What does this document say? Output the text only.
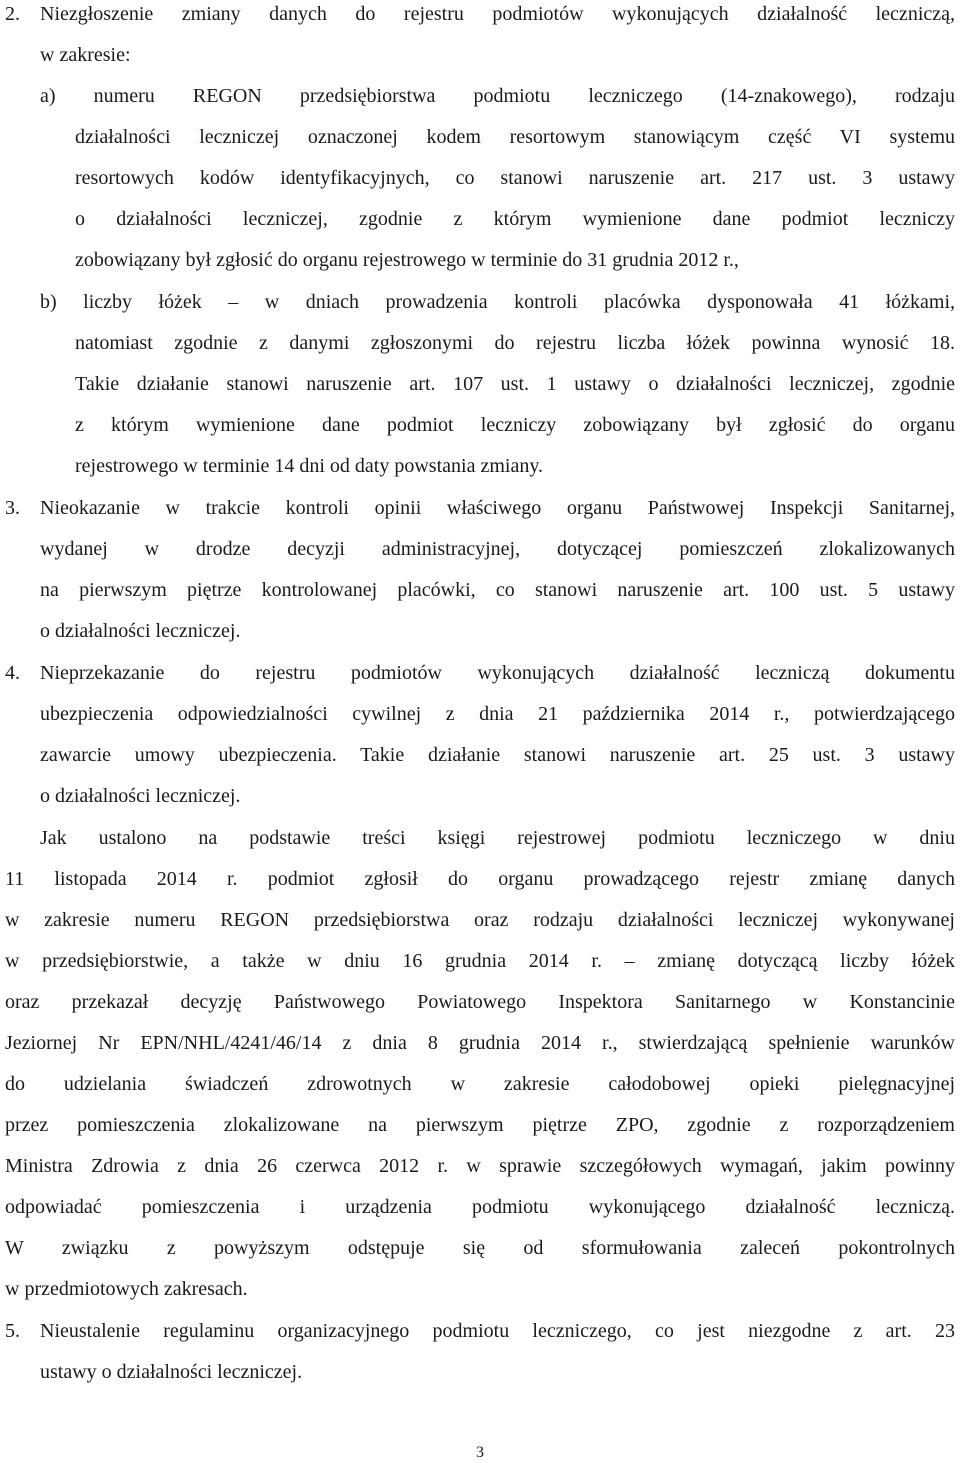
2. Niezgłoszenie zmiany danych do rejestru podmiotów wykonujących działalność leczniczą,
w zakresie:
a) numeru REGON przedsiębiorstwa podmiotu leczniczego (14-znakowego), rodzaju
działalności leczniczej oznaczonej kodem resortowym stanowiącym część VI systemu
resortowych kodów identyfikacyjnych, co stanowi naruszenie art. 217 ust. 3 ustawy
o działalności leczniczej, zgodnie z którym wymienione dane podmiot leczniczy
zobowiązany był zgłosić do organu rejestrowego w terminie do 31 grudnia 2012 r.,
b) liczby łóżek – w dniach prowadzenia kontroli placówka dysponowała 41 łóżkami,
natomiast zgodnie z danymi zgłoszonymi do rejestru liczba łóżek powinna wynosić 18.
Takie działanie stanowi naruszenie art. 107 ust. 1 ustawy o działalności leczniczej, zgodnie
z którym wymienione dane podmiot leczniczy zobowiązany był zgłosić do organu
rejestrowego w terminie 14 dni od daty powstania zmiany.
3. Nieokazanie w trakcie kontroli opinii właściwego organu Państwowej Inspekcji Sanitarnej,
wydanej w drodze decyzji administracyjnej, dotyczącej pomieszczeń zlokalizowanych
na pierwszym piętrze kontrolowanej placówki, co stanowi naruszenie art. 100 ust. 5 ustawy
o działalności leczniczej.
4. Nieprzekazanie do rejestru podmiotów wykonujących działalność leczniczą dokumentu
ubezpieczenia odpowiedzialności cywilnej z dnia 21 października 2014 r., potwierdzającego
zawarcie umowy ubezpieczenia. Takie działanie stanowi naruszenie art. 25 ust. 3 ustawy
o działalności leczniczej.
Jak ustalono na podstawie treści księgi rejestrowej podmiotu leczniczego w dniu
11 listopada 2014 r. podmiot zgłosił do organu prowadzącego rejestr zmianę danych
w zakresie numeru REGON przedsiębiorstwa oraz rodzaju działalności leczniczej wykonywanej
w przedsiębiorstwie, a także w dniu 16 grudnia 2014 r. – zmianę dotyczącą liczby łóżek
oraz przekazał decyzję Państwowego Powiatowego Inspektora Sanitarnego w Konstancinie
Jeziornej Nr EPN/NHL/4241/46/14 z dnia 8 grudnia 2014 r., stwierdzającą spełnienie warunków
do udzielania świadczeń zdrowotnych w zakresie całodobowej opieki pielęgnacyjnej
przez pomieszczenia zlokalizowane na pierwszym piętrze ZPO, zgodnie z rozporządzeniem
Ministra Zdrowia z dnia 26 czerwca 2012 r. w sprawie szczegółowych wymagań, jakim powinny
odpowiadać pomieszczenia i urządzenia podmiotu wykonującego działalność leczniczą.
W związku z powyższym odstępuje się od sformułowania zaleceń pokontrolnych
w przedmiotowych zakresach.
5. Nieustalenie regulaminu organizacyjnego podmiotu leczniczego, co jest niezgodne z art. 23
ustawy o działalności leczniczej.
3
